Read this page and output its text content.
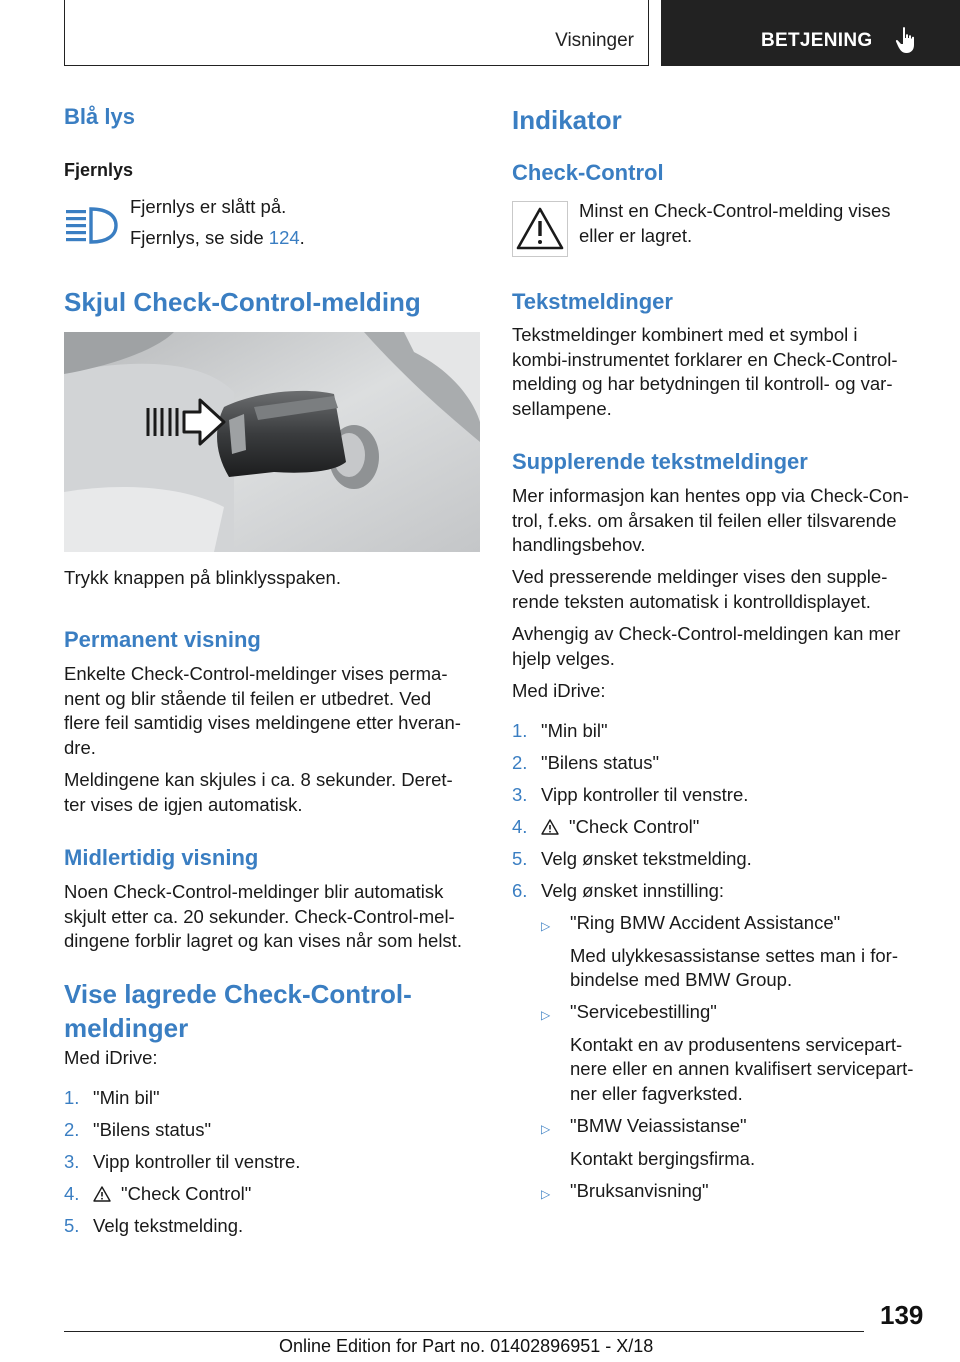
Visninger	BETJENING
Blå lys
Fjernlys
Fjernlys er slått på.
Fjernlys, se side 124.
Skjul Check-Control-melding
Trykk knappen på blinklysspaken.
Permanent visning
Enkelte Check-Control-meldinger vises perma-
nent og blir stående til feilen er utbedret. Ved
flere feil samtidig vises meldingene etter hveran-
dre.
Meldingene kan skjules i ca. 8 sekunder. Deret-
ter vises de igjen automatisk.
Midlertidig visning
Noen Check-Control-meldinger blir automatisk
skjult etter ca. 20 sekunder. Check-Control-mel-
dingene forblir lagret og kan vises når som helst.
Vise lagrede Check-Control-
meldinger
Med iDrive:
1. "Min bil"
2. "Bilens status"
3. Vipp kontroller til venstre.
4.	"Check Control"
5. Velg tekstmelding.
Indikator
Check-Control
Minst en Check-Control-melding vises
eller er lagret.
Tekstmeldinger
Tekstmeldinger kombinert med et symbol i
kombi-instrumentet forklarer en Check-Control-
melding og har betydningen til kontroll- og var-
sellampene.
Supplerende tekstmeldinger
Mer informasjon kan hentes opp via Check-Con-
trol, f.eks. om årsaken til feilen eller tilsvarende
handlingsbehov.
Ved presserende meldinger vises den supple-
rende teksten automatisk i kontrolldisplayet.
Avhengig av Check-Control-meldingen kan mer
hjelp velges.
Med iDrive:
1. "Min bil"
2. "Bilens status"
3. Vipp kontroller til venstre.
4.	"Check Control"
5. Velg ønsket tekstmelding.
6. Velg ønsket innstilling:
▷ "Ring BMW Accident Assistance"
Med ulykkesassistanse settes man i for-
bindelse med BMW Group.
▷ "Servicebestilling"
Kontakt en av produsentens servicepart-
nere eller en annen kvalifisert servicepart-
ner eller fagverksted.
▷ "BMW Veiassistanse"
Kontakt bergingsfirma.
▷ "Bruksanvisning"
139
Online Edition for Part no. 01402896951 - X/18
